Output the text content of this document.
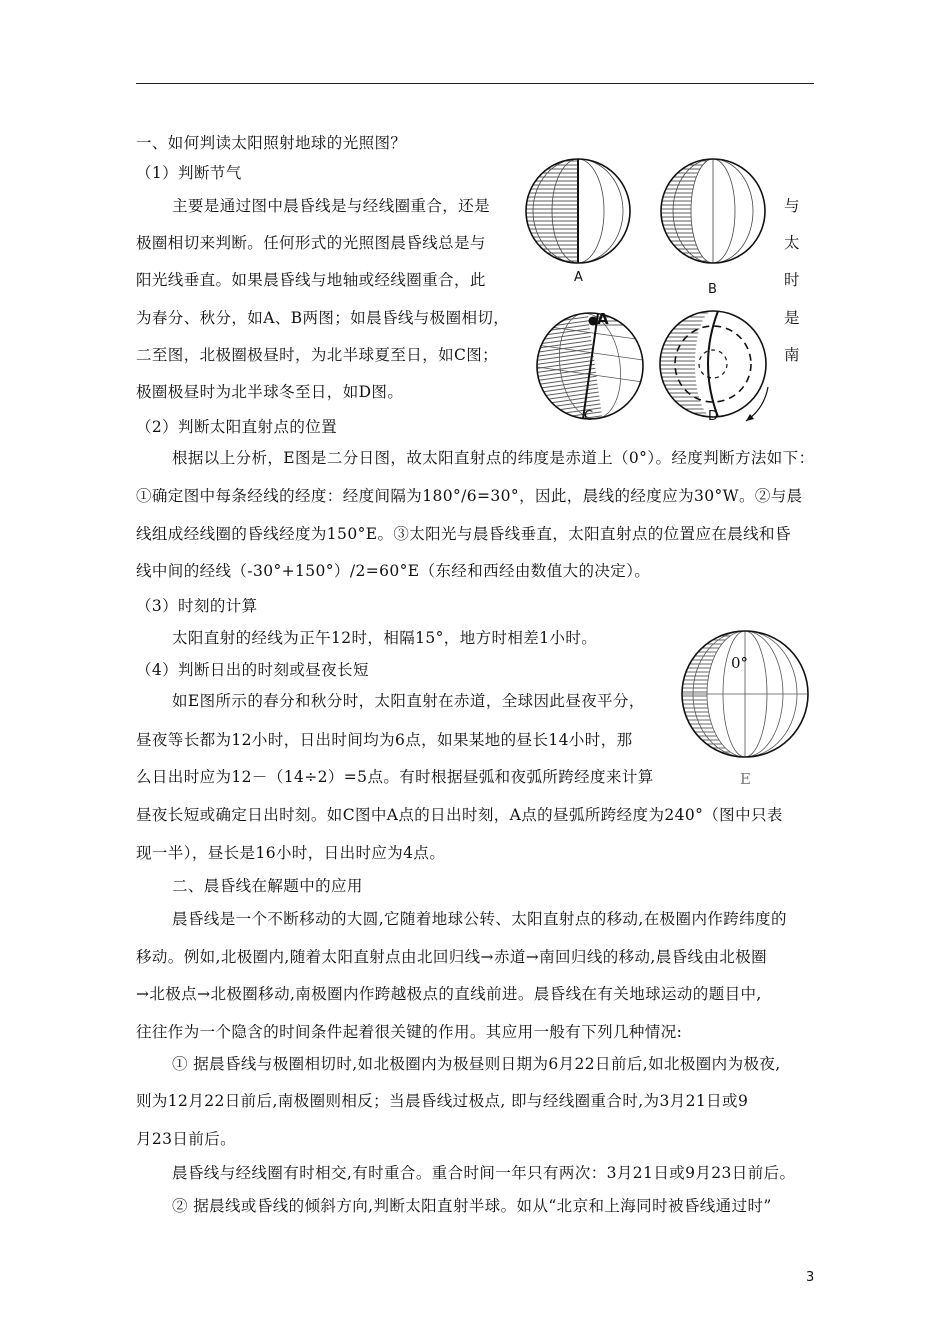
一、如何判读太阳照射地球的光照图？
（1）判断节气
主要是通过图中晨昏线是与经线圈重合，还是
极圈相切来判断。任何形式的光照图晨昏线总是与
阳光线垂直。如果晨昏线与地轴或经线圈重合，此
为春分、秋分，如A、B两图；如晨昏线与极圈相切，
二至图，北极圈极昼时，为北半球夏至日，如C图；
极圈极昼时为北半球冬至日，如D图。
与
太
时
是
南
A
B
A
C	D
（2）判断太阳直射点的位置
根据以上分析，E图是二分日图，故太阳直射点的纬度是赤道上（0°）。经度判断方法如下：
①确定图中每条经线的经度：经度间隔为180°/6=30°，因此，晨线的经度应为30°W。②与晨
线组成经线圈的昏线经度为150°E。③太阳光与晨昏线垂直，太阳直射点的位置应在晨线和昏
线中间的经线（-30°+150°）/2=60°E（东经和西经由数值大的决定）。
（3）时刻的计算
太阳直射的经线为正午12时，相隔15°，地方时相差1小时。
（4）判断日出的时刻或昼夜长短	0°
E
如E图所示的春分和秋分时，太阳直射在赤道，全球因此昼夜平分，
昼夜等长都为12小时，日出时间均为6点，如果某地的昼长14小时，那
么日出时应为12－（14÷2）=5点。有时根据昼弧和夜弧所跨经度来计算
昼夜长短或确定日出时刻。如C图中A点的日出时刻，A点的昼弧所跨经度为240°（图中只表
现一半），昼长是16小时，日出时应为4点。
二、晨昏线在解题中的应用
晨昏线是一个不断移动的大圆,它随着地球公转、太阳直射点的移动,在极圈内作跨纬度的
移动。例如,北极圈内,随着太阳直射点由北回归线→赤道→南回归线的移动,晨昏线由北极圈
→北极点→北极圈移动,南极圈内作跨越极点的直线前进。晨昏线在有关地球运动的题目中,
往往作为一个隐含的时间条件起着很关键的作用。其应用一般有下列几种情况:
① 据晨昏线与极圈相切时,如北极圈内为极昼则日期为6月22日前后,如北极圈内为极夜,
则为12月22日前后,南极圈则相反；当晨昏线过极点, 即与经线圈重合时,为3月21日或9
月23日前后。
晨昏线与经线圈有时相交,有时重合。重合时间一年只有两次：3月21日或9月23日前后。
② 据晨线或昏线的倾斜方向,判断太阳直射半球。如从“北京和上海同时被昏线通过时”
3
